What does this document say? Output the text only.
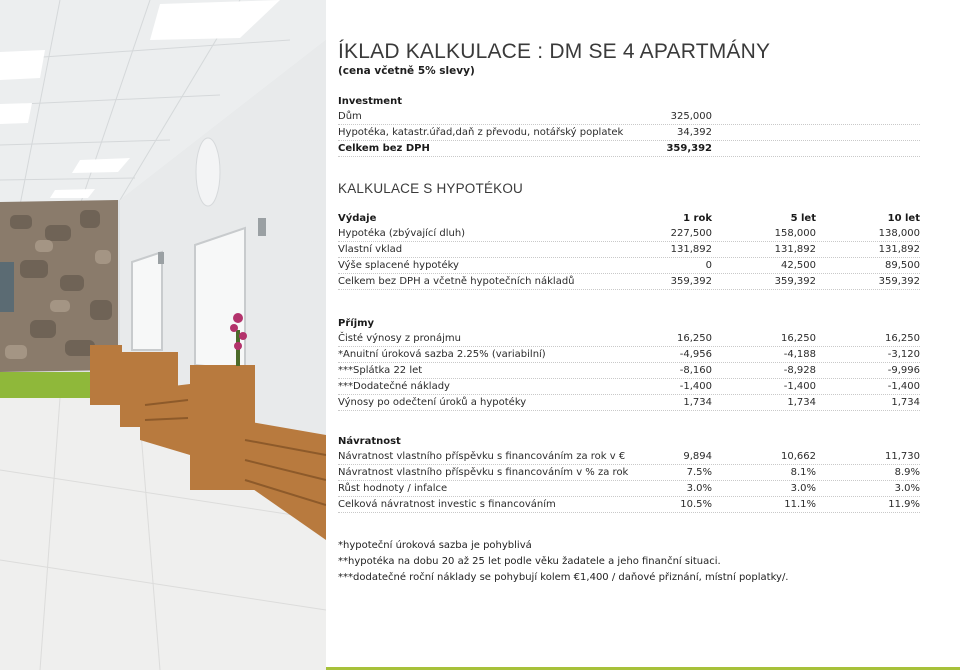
ÍKLAD KALKULACE : DM SE 4 APARTMÁNY
(cena včetně 5% slevy)
Investment
Dům	325,000
Hypotéka, katastr.úřad,daň z převodu, notářský poplatek	34,392
Celkem bez DPH	359,392
KALKULACE S HYPOTÉKOU
Výdaje	1 rok	5 let	10 let
Hypotéka (zbývající dluh)	227,500	158,000	138,000
Vlastní vklad	131,892	131,892	131,892
Výše splacené hypotéky	0	42,500	89,500
Celkem bez DPH a včetně hypotečních nákladů	359,392	359,392	359,392
Příjmy
Čisté výnosy z pronájmu	16,250	16,250	16,250
*Anuitní úroková sazba 2.25% (variabilní)	-4,956	-4,188	-3,120
***Splátka 22 let	-8,160	-8,928	-9,996
***Dodatečné náklady	-1,400	-1,400	-1,400
Výnosy po odečtení úroků a hypotéky	1,734	1,734	1,734
Návratnost
Návratnost vlastního příspěvku s financováním za rok v €	9,894	10,662	11,730
Návratnost vlastního příspěvku s financováním v % za rok	7.5%	8.1%	8.9%
Růst hodnoty / infalce	3.0%	3.0%	3.0%
Celková návratnost investic s financováním	10.5%	11.1%	11.9%
*hypoteční úroková sazba je pohyblivá
**hypotéka na dobu 20 až 25 let podle věku žadatele a jeho finanční situaci.
***dodatečné roční náklady se pohybují kolem €1,400 / daňové přiznání, místní poplatky/.
